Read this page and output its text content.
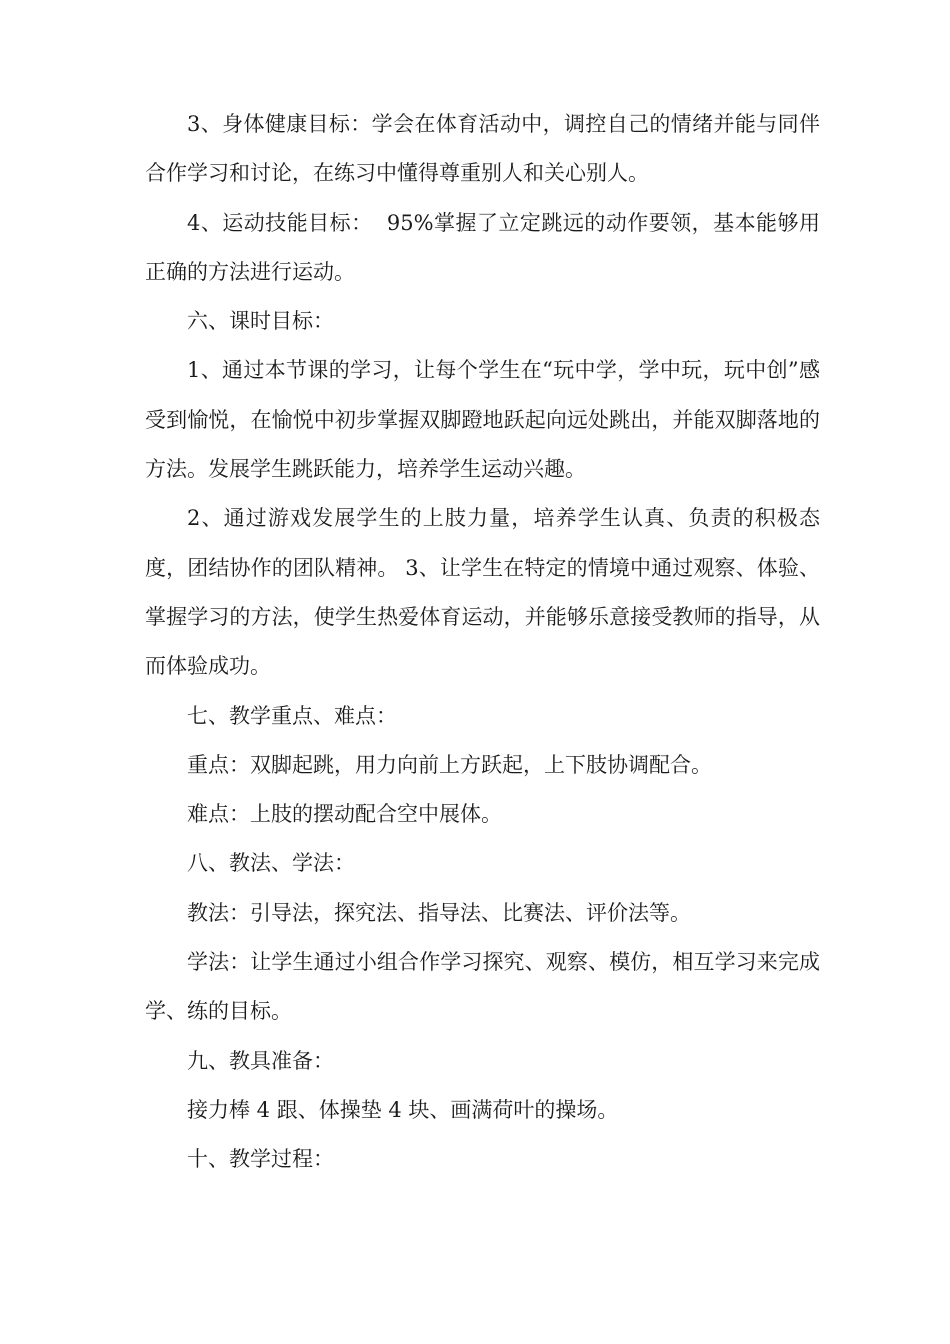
3、身体健康目标：学会在体育活动中，调控自己的情绪并能与同伴合作学习和讨论，在练习中懂得尊重别人和关心别人。

4、运动技能目标：  95%掌握了立定跳远的动作要领，基本能够用正确的方法进行运动。

六、课时目标：

1、通过本节课的学习，让每个学生在“玩中学，学中玩，玩中创”感受到愉悦，在愉悦中初步掌握双脚蹬地跃起向远处跳出，并能双脚落地的方法。发展学生跳跃能力，培养学生运动兴趣。

2、通过游戏发展学生的上肢力量，培养学生认真、负责的积极态度，团结协作的团队精神。 3、让学生在特定的情境中通过观察、体验、掌握学习的方法，使学生热爱体育运动，并能够乐意接受教师的指导，从而体验成功。

七、教学重点、难点：

重点：双脚起跳，用力向前上方跃起，上下肢协调配合。

难点：上肢的摆动配合空中展体。

八、教法、学法：

教法：引导法，探究法、指导法、比赛法、评价法等。

学法：让学生通过小组合作学习探究、观察、模仿，相互学习来完成学、练的目标。

九、教具准备：

接力棒 4 跟、体操垫 4 块、画满荷叶的操场。

十、教学过程：
